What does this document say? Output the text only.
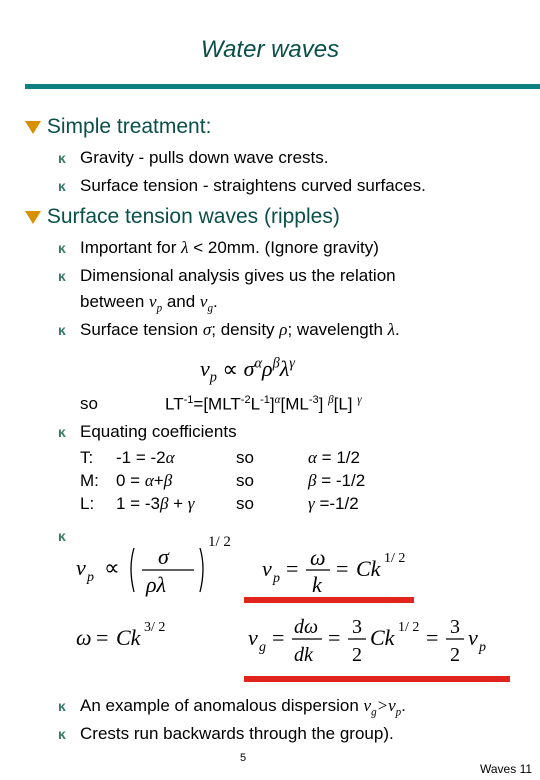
Water waves
Simple treatment:
ĸ Gravity - pulls down wave crests.
ĸ Surface tension - straightens curved surfaces.
Surface tension waves (ripples)
ĸ Important for λ < 20mm. (Ignore gravity)
ĸ Dimensional analysis gives us the relation
between $v_p$ and $v_g$.
ĸ Surface tension σ; density ρ; wavelength λ.
$v_p \propto \sigma^\alpha\rho^\beta\lambda^\gamma$
so	$LT^{-1}=[MLT^{-2}L^{-1}]^\alpha[ML^{-3}]$ $^\beta$[L] $^\gamma$
ĸ Equating coefficients
T: -1 = -2α	so	α = 1/2
M: 0 = α+β	so	β = -1/2
L: 1 = -3β + γ so	γ =-1/2
ĸ
v p ∝ σ
ρλ
1/ 2
v p = ω
k
= Ck 1/ 2
ω = Ck 3/ 2	v g = dω
dk
= 3
2
Ck 1/ 2 = 3
2
v p
ĸ An example of anomalous dispersion $v_g>v_p$.
ĸ Crests run backwards through the group).
5
Waves 11
